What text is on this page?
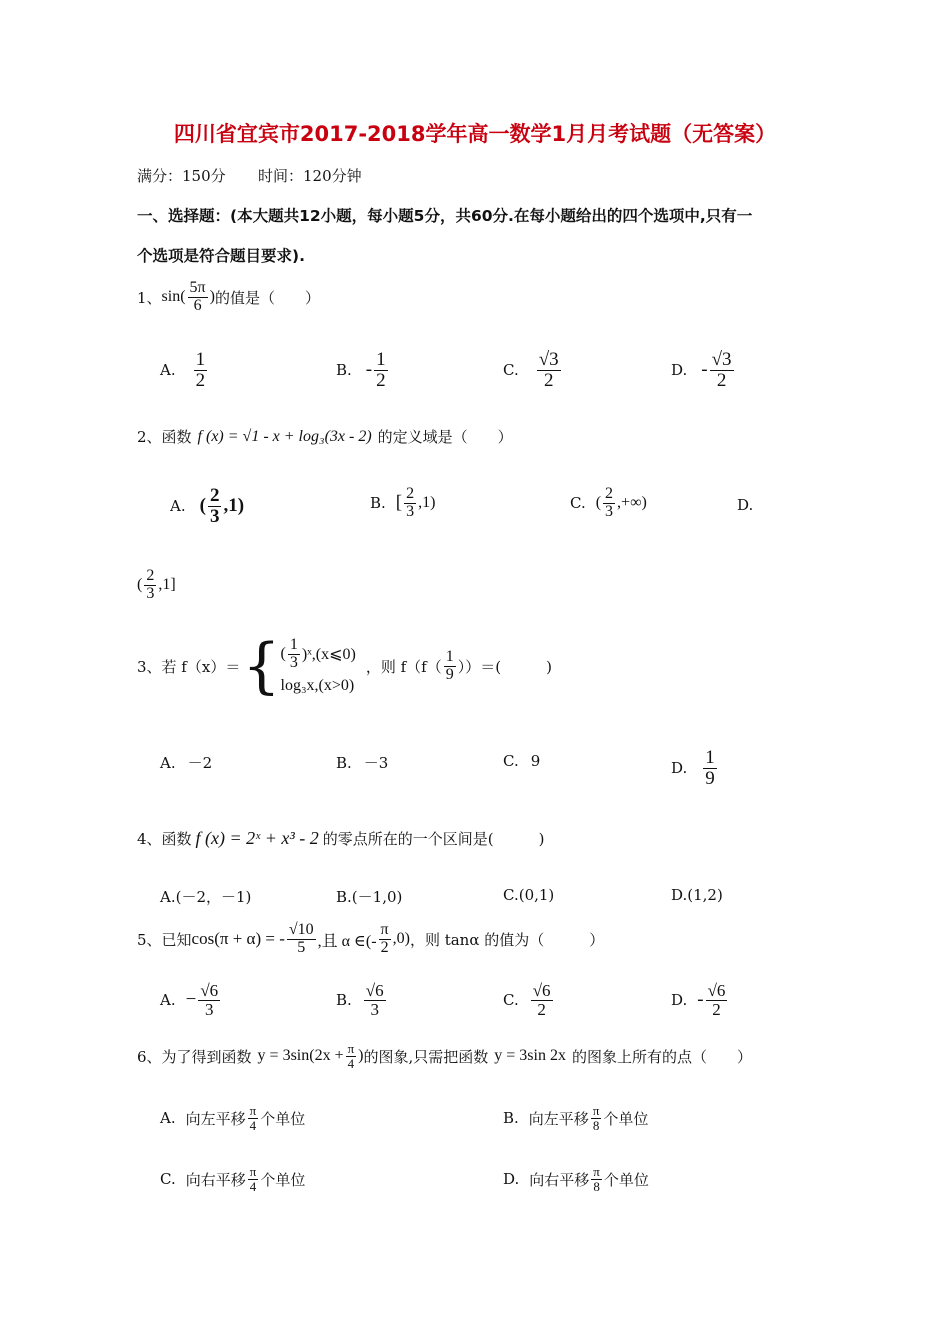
四川省宜宾市2017-2018学年高一数学1月月考试题（无答案）
满分：150分 时间：120分钟
一、选择题：(本大题共12小题，每小题5分，共60分.在每小题给出的四个选项中,只有一
个选项是符合题目要求).
1、 $\sin( \frac{5\pi}{6}$ ) 的值是（　　）
A. $\frac{1}{2}$	B. - $\frac{1}{2}$	C. $\frac{√3}{2}$	D. - $\frac{√3}{2}$
2、函数 f (x) = √1 - x + log₃(3x - 2) 的定义域是（　　）
A. ( $\frac{2}{3} ,1$)	B. [ $\frac{2}{3} ,1$)	C. ( $\frac{2}{3}$ ,+∞)	D.
( $\frac{2}{3} ,1$]
3、若 f（x）＝ { ( $\frac{1}{3}$ )ˣ,(x⩽0)
log₃x,(x>0)
，则 $f(f( \frac{1}{9}$ ））＝(　　　)
A. －2	B. －3	C. 9	D. $\frac{1}{9}$
4、函数 f (x) = 2ˣ + x³ - 2 的零点所在的一个区间是(　　　)
A.(－2，－1)	B.(－1,0)	C.(0,1)	D.(1,2)
5、已知 cos(π + α) = - $\frac{√10}{5}$ ,且 α ∈(- $\frac{\pi}{2} ,0$) ，则 tanα 的值为（　　　）
A. − $\frac{√6}{3}$	B. $\frac{√6}{3}$	C. $\frac{√6}{2}$	D. - $\frac{√6}{2}$
6、为了得到函数 $y = 3\sin(2x + \frac{\pi}{4}$ ) 的图象,只需把函数 y = 3sin 2x 的图象上所有的点（　　）
A. 向左平移 $\frac{\pi}{4}$ 个单位	B. 向左平移 $\frac{\pi}{8}$ 个单位
C. 向右平移 $\frac{\pi}{4}$ 个单位	D. 向右平移 $\frac{\pi}{8}$ 个单位
